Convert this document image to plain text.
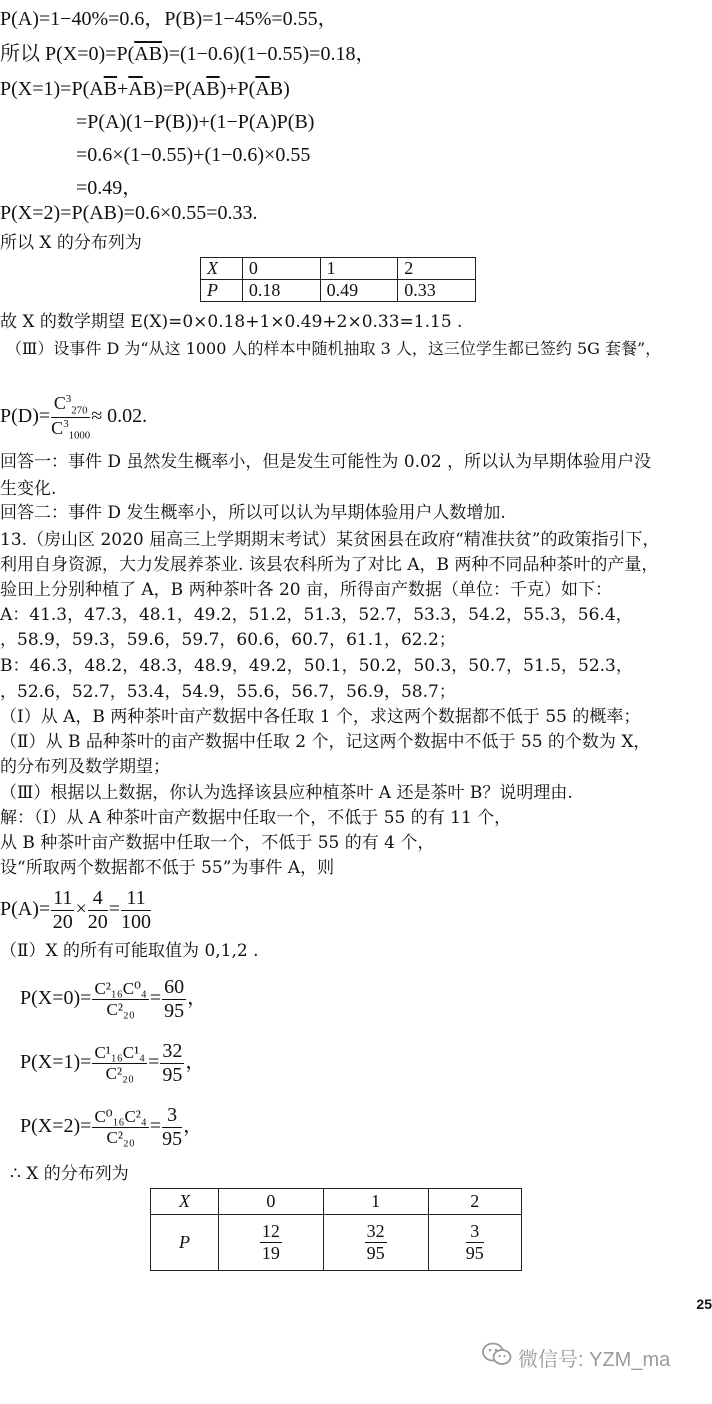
P(A)=1−40%=0.6，P(B)=1−45%=0.55，
所以 $P(X=0)=P(\overline{A}\overline{B})=(1-0.6)(1-0.55)=0.18$，
$P(X=1)=P(A\overline{B}+\overline{A}B)=P(A\overline{B})+P(\overline{A}B)$
=P(A)(1−P(B))+(1−P(A)P(B)
=0.6×(1−0.55)+(1−0.6)×0.55
=0.49，
P(X=2)=P(AB)=0.6×0.55=0.33.
所以 X 的分布列为
X	0	1	2
P	0.18	0.49	0.33
故 X 的数学期望 E(X)=0×0.18+1×0.49+2×0.33=1.15 .
（Ⅲ）设事件 D 为“从这 1000 人的样本中随机抽取 3 人，这三位学生都已签约 5G 套餐”，
$P(D)= \frac{C^3_{270}}{C^3_{1000}} \approx 0.02$.
回答一：事件 D 虽然发生概率小，但是发生可能性为 0.02 ，所以认为早期体验用户没
生变化.
回答二：事件 D 发生概率小，所以可以认为早期体验用户人数增加.
13.（房山区 2020 届高三上学期期末考试）某贫困县在政府“精准扶贫”的政策指引下，
利用自身资源，大力发展养茶业. 该县农科所为了对比 A，B 两种不同品种茶叶的产量，
验田上分别种植了 A，B 两种茶叶各 20 亩，所得亩产数据（单位：千克）如下：
A：41.3，47.3，48.1，49.2，51.2，51.3，52.7，53.3，54.2，55.3，56.4，
，58.9，59.3，59.6，59.7，60.6，60.7，61.1，62.2；
B：46.3，48.2，48.3，48.9，49.2，50.1，50.2，50.3，50.7，51.5，52.3，
，52.6，52.7，53.4，54.9，55.6，56.7，56.9，58.7；
（Ⅰ）从 A，B 两种茶叶亩产数据中各任取 1 个，求这两个数据都不低于 55 的概率；
（Ⅱ）从 B 品种茶叶的亩产数据中任取 2 个，记这两个数据中不低于 55 的个数为 X，
的分布列及数学期望；
（Ⅲ）根据以上数据，你认为选择该县应种植茶叶 A 还是茶叶 B？说明理由.
解：（Ⅰ）从 A 种茶叶亩产数据中任取一个，不低于 55 的有 11 个，
从 B 种茶叶亩产数据中任取一个，不低于 55 的有 4 个，
设“所取两个数据都不低于 55”为事件 A，则
$P(A)= \frac{11}{20} \times \frac{4}{20} = \frac{11}{100}$
（Ⅱ）X 的所有可能取值为 0,1,2 .
$P(X=0)= \frac{\text{C²₁₆C⁰₄}}{\text{C²₂₀}} = \frac{60}{95}$ ，
$P(X=1)= \frac{\text{C¹₁₆C¹₄}}{\text{C²₂₀}} = \frac{32}{95}$ ，
$P(X=2)= \frac{\text{C⁰₁₆C²₄}}{\text{C²₂₀}} = \frac{3}{95}$ ，
∴ X 的分布列为
X	0	1	2
P	$\frac{12}{19}$	$\frac{32}{95}$	$\frac{3}{95}$
25
微信号: YZM_ma
